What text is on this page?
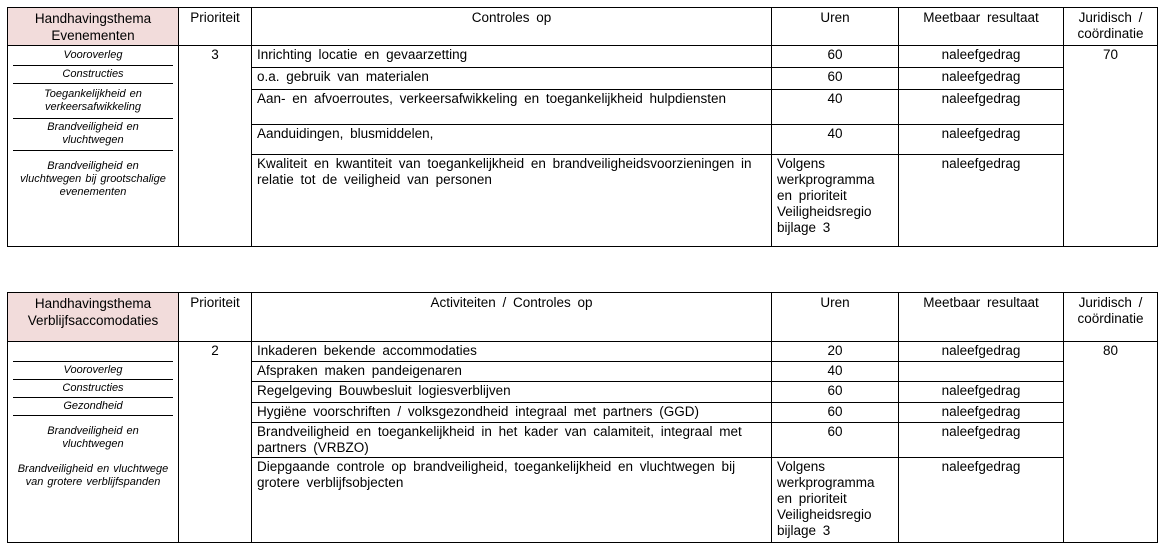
Handhavingsthema Evenementen	Prioriteit	Controles op	Uren	Meetbaar resultaat	Juridisch / coördinatie

Vooroverleg
Constructies
Toegankelijkheid en verkeersafwikkeling
Brandveiligheid en vluchtwegen
Brandveiligheid en vluchtwegen bij grootschalige evenementen
	3	Inrichting locatie en gevaarzetting	60	naleefgedrag	70
o.a. gebruik van materialen	60	naleefgedrag
Aan- en afvoerroutes, verkeersafwikkeling en toegankelijkheid hulpdiensten	40	naleefgedrag
Aanduidingen, blusmiddelen,	40	naleefgedrag
Kwaliteit en kwantiteit van toegankelijkheid en brandveiligheidsvoorzieningen in relatie tot de veiligheid van personen	Volgens werkprogramma en prioriteit Veiligheidsregio bijlage 3	naleefgedrag
Handhavingsthema Verblijfsaccomodaties	Prioriteit	Activiteiten / Controles op	Uren	Meetbaar resultaat	Juridisch / coördinatie

Vooroverleg
Constructies
Gezondheid

Brandveiligheid en vluchtwegen

Brandveiligheid en vluchtwege van grotere verblijfspanden

	2	Inkaderen bekende accommodaties	20	naleefgedrag	80
Afspraken maken pandeigenaren	40	
Regelgeving Bouwbesluit logiesverblijven	60	naleefgedrag
Hygiëne voorschriften / volksgezondheid integraal met partners (GGD)	60	naleefgedrag
Brandveiligheid en toegankelijkheid in het kader van calamiteit, integraal met partners (VRBZO)	60	naleefgedrag
Diepgaande controle op brandveiligheid, toegankelijkheid en vluchtwegen bij grotere verblijfsobjecten	Volgens werkprogramma en prioriteit Veiligheidsregio bijlage 3	naleefgedrag
